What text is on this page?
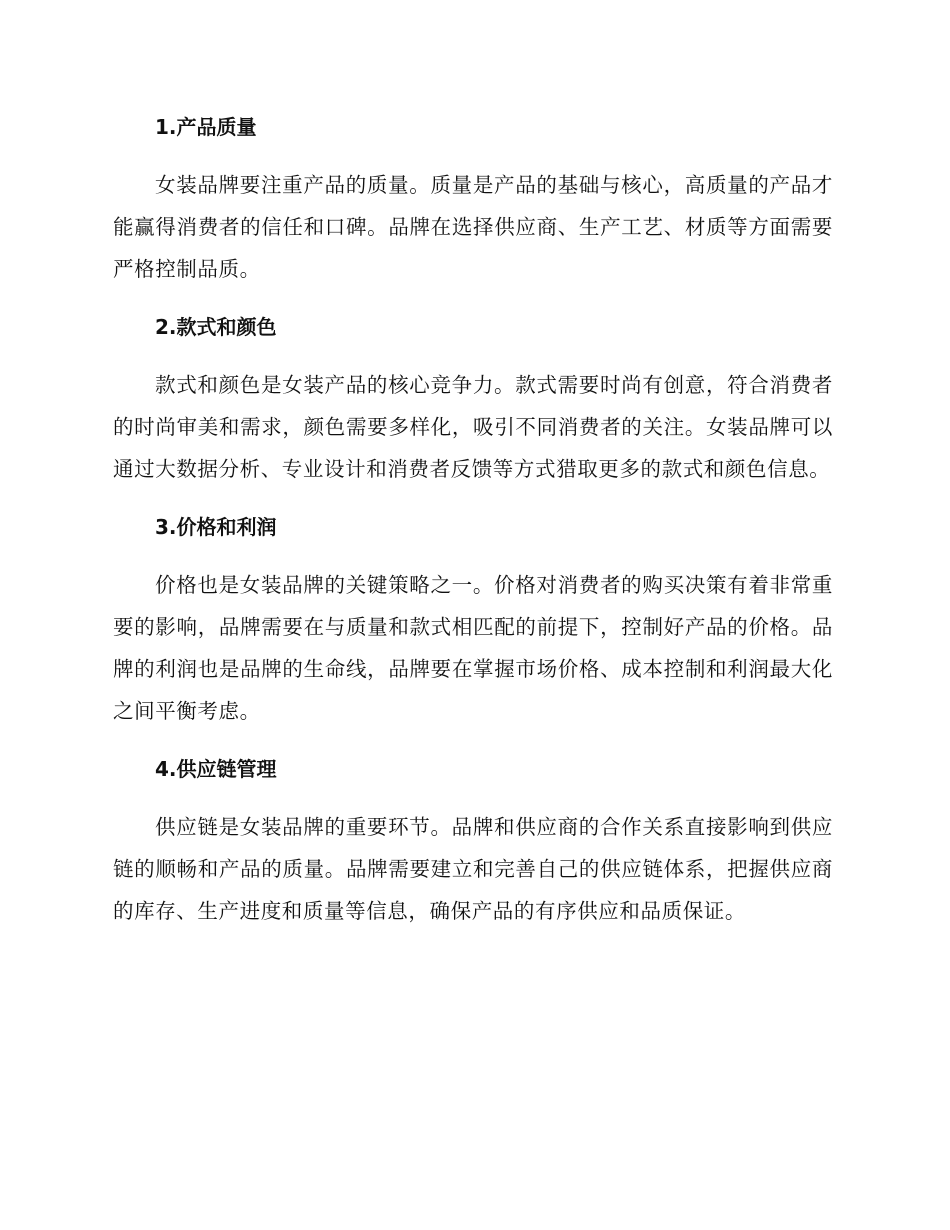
1.产品质量
女装品牌要注重产品的质量。质量是产品的基础与核心，高质量的产品才能赢得消费者的信任和口碑。品牌在选择供应商、生产工艺、材质等方面需要严格控制品质。
2.款式和颜色
款式和颜色是女装产品的核心竞争力。款式需要时尚有创意，符合消费者的时尚审美和需求，颜色需要多样化，吸引不同消费者的关注。女装品牌可以通过大数据分析、专业设计和消费者反馈等方式猎取更多的款式和颜色信息。
3.价格和利润
价格也是女装品牌的关键策略之一。价格对消费者的购买决策有着非常重要的影响，品牌需要在与质量和款式相匹配的前提下，控制好产品的价格。品牌的利润也是品牌的生命线，品牌要在掌握市场价格、成本控制和利润最大化之间平衡考虑。
4.供应链管理
供应链是女装品牌的重要环节。品牌和供应商的合作关系直接影响到供应链的顺畅和产品的质量。品牌需要建立和完善自己的供应链体系，把握供应商的库存、生产进度和质量等信息，确保产品的有序供应和品质保证。
